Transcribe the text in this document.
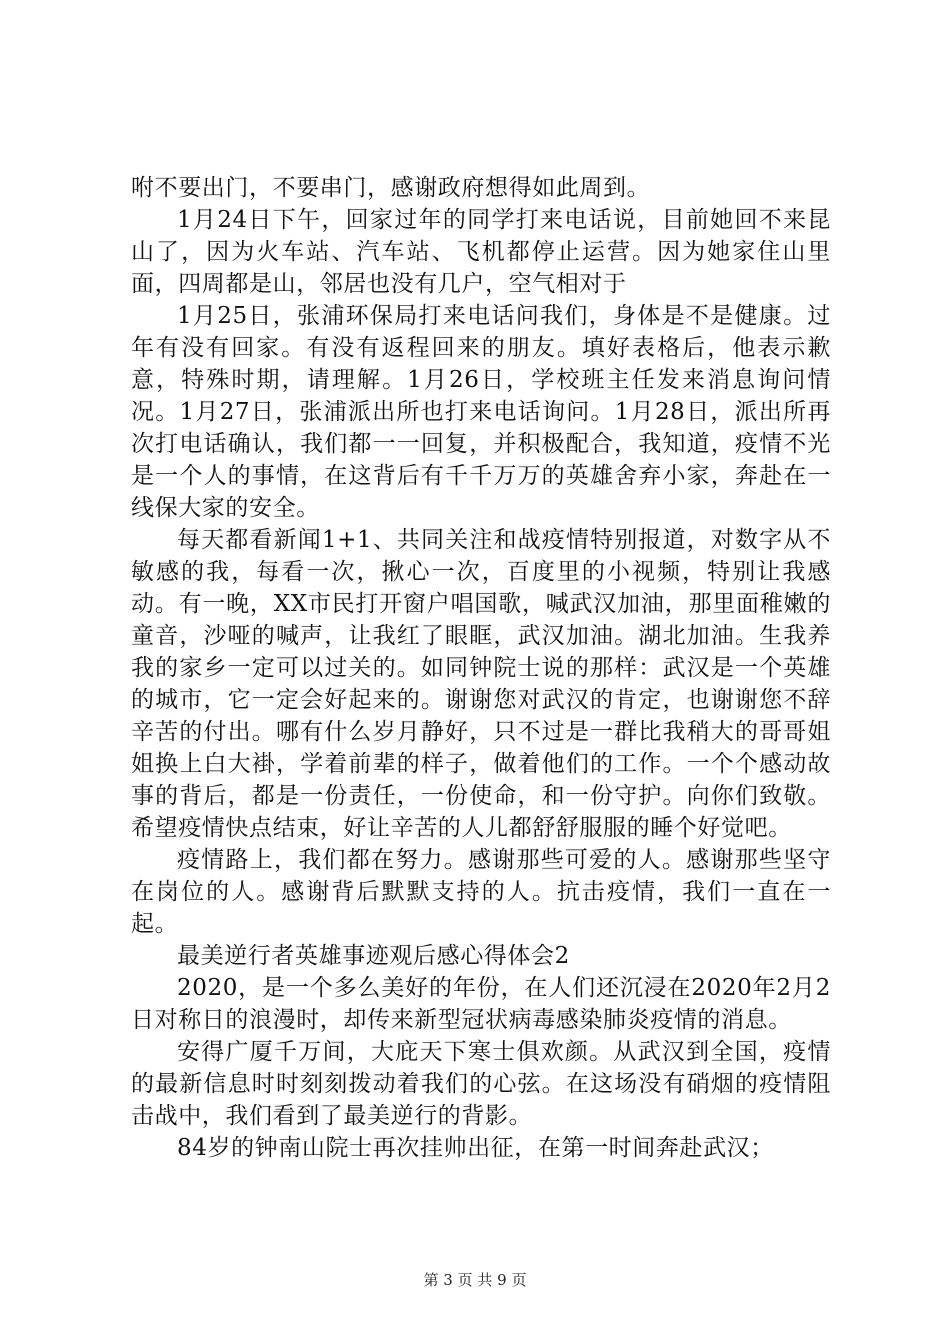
咐不要出门，不要串门，感谢政府想得如此周到。

1月24日下午，回家过年的同学打来电话说，目前她回不来昆山了，因为火车站、汽车站、飞机都停止运营。因为她家住山里面，四周都是山，邻居也没有几户，空气相对于

1月25日，张浦环保局打来电话问我们，身体是不是健康。过年有没有回家。有没有返程回来的朋友。填好表格后，他表示歉意，特殊时期，请理解。1月26日，学校班主任发来消息询问情况。1月27日，张浦派出所也打来电话询问。1月28日，派出所再次打电话确认，我们都一一回复，并积极配合，我知道，疫情不光是一个人的事情，在这背后有千千万万的英雄舍弃小家，奔赴在一线保大家的安全。

每天都看新闻1+1、共同关注和战疫情特别报道，对数字从不敏感的我，每看一次，揪心一次，百度里的小视频，特别让我感动。有一晚，XX市民打开窗户唱国歌，喊武汉加油，那里面稚嫩的童音，沙哑的喊声，让我红了眼眶，武汉加油。湖北加油。生我养我的家乡一定可以过关的。如同钟院士说的那样：武汉是一个英雄的城市，它一定会好起来的。谢谢您对武汉的肯定，也谢谢您不辞辛苦的付出。哪有什么岁月静好，只不过是一群比我稍大的哥哥姐姐换上白大褂，学着前辈的样子，做着他们的工作。一个个感动故事的背后，都是一份责任，一份使命，和一份守护。向你们致敬。希望疫情快点结束，好让辛苦的人儿都舒舒服服的睡个好觉吧。

疫情路上，我们都在努力。感谢那些可爱的人。感谢那些坚守在岗位的人。感谢背后默默支持的人。抗击疫情，我们一直在一起。

最美逆行者英雄事迹观后感心得体会2

2020，是一个多么美好的年份，在人们还沉浸在2020年2月2日对称日的浪漫时，却传来新型冠状病毒感染肺炎疫情的消息。

安得广厦千万间，大庇天下寒士俱欢颜。从武汉到全国，疫情的最新信息时时刻刻拨动着我们的心弦。在这场没有硝烟的疫情阻击战中，我们看到了最美逆行的背影。

84岁的钟南山院士再次挂帅出征，在第一时间奔赴武汉；

第 3 页 共 9 页
